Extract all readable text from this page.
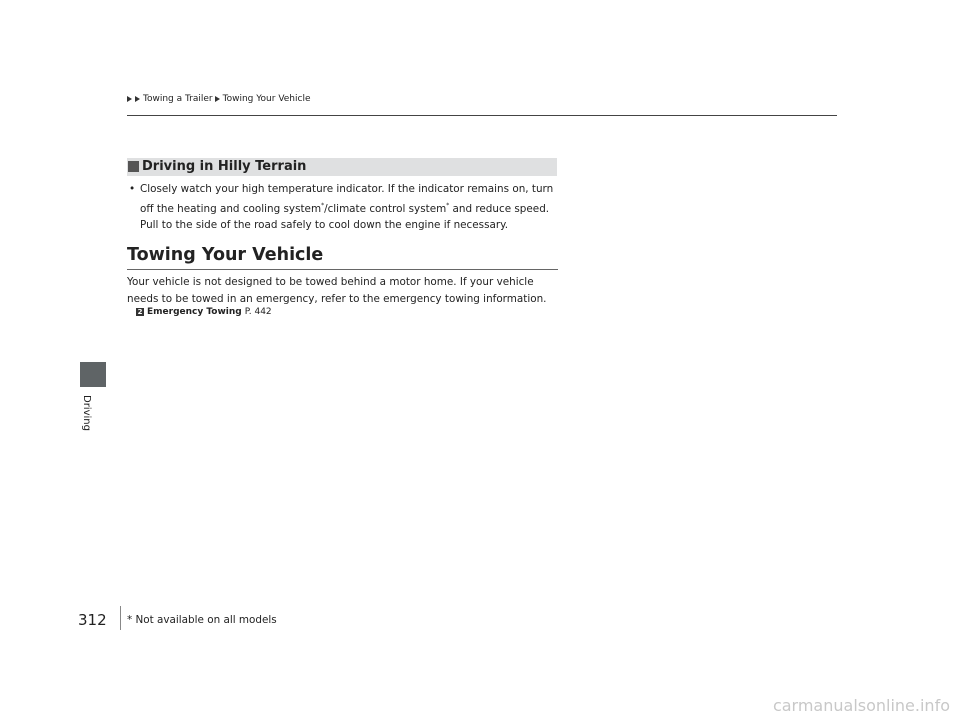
Towing a Trailer Towing Your Vehicle
Driving
Driving in Hilly Terrain
• Closely watch your high temperature indicator. If the indicator remains on, turn off the heating and cooling system*/climate control system* and reduce speed. Pull to the side of the road safely to cool down the engine if necessary.
Towing Your Vehicle
Your vehicle is not designed to be towed behind a motor home. If your vehicle needs to be towed in an emergency, refer to the emergency towing information.
2 Emergency Towing P. 442
312 * Not available on all models
carmanualsonline.info
